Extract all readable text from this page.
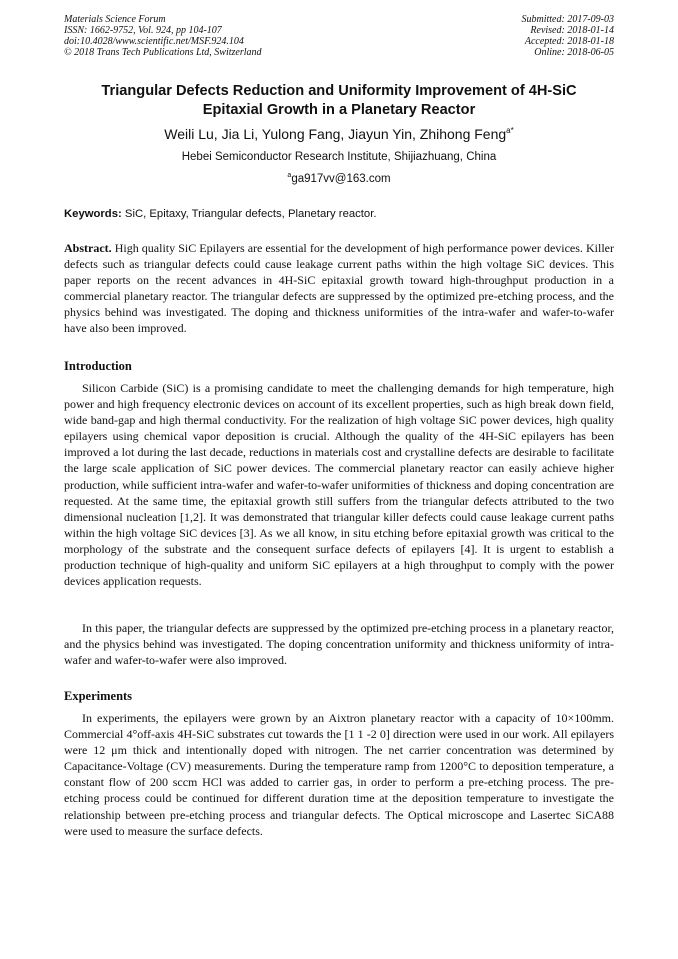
Materials Science Forum
ISSN: 1662-9752, Vol. 924, pp 104-107
doi:10.4028/www.scientific.net/MSF.924.104
© 2018 Trans Tech Publications Ltd, Switzerland
Submitted: 2017-09-03
Revised: 2018-01-14
Accepted: 2018-01-18
Online: 2018-06-05
Triangular Defects Reduction and Uniformity Improvement of 4H-SiC
Epitaxial Growth in a Planetary Reactor
Weili Lu, Jia Li, Yulong Fang, Jiayun Yin, Zhihong Feng$^{a*}$
Hebei Semiconductor Research Institute, Shijiazhuang, China
$^a$ga917vv@163.com
Keywords: SiC, Epitaxy, Triangular defects, Planetary reactor.
Abstract. High quality SiC Epilayers are essential for the development of high performance power devices. Killer defects such as triangular defects could cause leakage current paths within the high voltage SiC devices. This paper reports on the recent advances in 4H-SiC epitaxial growth toward high-throughput production in a commercial planetary reactor. The triangular defects are suppressed by the optimized pre-etching process, and the physics behind was investigated. The doping and thickness uniformities of the intra-wafer and wafer-to-wafer have also been improved.
Introduction
Silicon Carbide (SiC) is a promising candidate to meet the challenging demands for high temperature, high power and high frequency electronic devices on account of its excellent properties, such as high break down field, wide band-gap and high thermal conductivity. For the realization of high voltage SiC power devices, high quality epilayers using chemical vapor deposition is crucial. Although the quality of the 4H-SiC epilayers has been improved a lot during the last decade, reductions in materials cost and crystalline defects are desirable to facilitate the large scale application of SiC power devices. The commercial planetary reactor can easily achieve higher production, while sufficient intra-wafer and wafer-to-wafer uniformities of thickness and doping concentration are requested. At the same time, the epitaxial growth still suffers from the triangular defects attributed to the two dimensional nucleation [1,2]. It was demonstrated that triangular killer defects could cause leakage current paths within the high voltage SiC devices [3]. As we all know, in situ etching before epitaxial growth was critical to the morphology of the substrate and the consequent surface defects of epilayers [4]. It is urgent to establish a production technique of high-quality and uniform SiC epilayers at a high throughput to comply with the power devices application requests.
In this paper, the triangular defects are suppressed by the optimized pre-etching process in a planetary reactor, and the physics behind was investigated. The doping concentration uniformity and thickness uniformity of intra-wafer and wafer-to-wafer were also improved.
Experiments
In experiments, the epilayers were grown by an Aixtron planetary reactor with a capacity of 10×100mm. Commercial 4°off-axis 4H-SiC substrates cut towards the [1 1 -2 0] direction were used in our work. All epilayers were 12 μm thick and intentionally doped with nitrogen. The net carrier concentration was determined by Capacitance-Voltage (CV) measurements. During the temperature ramp from 1200°C to deposition temperature, a constant flow of 200 sccm HCl was added to carrier gas, in order to perform a pre-etching process. The pre-etching process could be continued for different duration time at the deposition temperature to investigate the relationship between pre-etching process and triangular defects. The Optical microscope and Lasertec SiCA88 were used to measure the surface defects.
